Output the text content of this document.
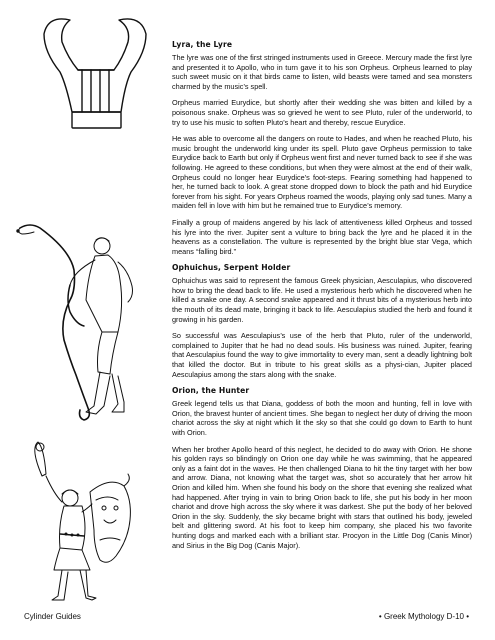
Lyra, the Lyre

The lyre was one of the first stringed instruments used in Greece. Mercury made the first lyre and presented it to Apollo, who in turn gave it to his son Orpheus. Orpheus learned to play such sweet music on it that birds came to listen, wild beasts were tamed and sea monsters charmed by the music’s spell.

Orpheus married Eurydice, but shortly after their wedding she was bitten and killed by a poisonous snake. Orpheus was so grieved he went to see Pluto, ruler of the underworld, to try to use his music to soften Pluto’s heart and thereby, rescue Eurydice.

He was able to overcome all the dangers on route to Hades, and when he reached Pluto, his music brought the underworld king under its spell. Pluto gave Orpheus permission to take Eurydice back to Earth but only if Orpheus went first and never turned back to see if she was following. He agreed to these conditions, but when they were almost at the end of their walk, Orpheus could no longer hear Eurydice’s foot-steps. Fearing something had happened to her, he turned back to look. A great stone dropped down to block the path and hid Eurydice forever from his sight. For years Orpheus roamed the woods, playing only sad tunes. Many a maiden fell in love with him but he remained true to Eurydice’s memory.

Finally a group of maidens angered by his lack of attentiveness killed Orpheus and tossed his lyre into the river. Jupiter sent a vulture to bring back the lyre and he placed it in the heavens as a constellation. The vulture is represented by the bright blue star Vega, which means “falling bird.”

Ophuichus, Serpent Holder

Ophuichus was said to represent the famous Greek physician, Aesculapius, who discovered how to bring the dead back to life. He used a mysterious herb which he discovered when he killed a snake one day. A second snake appeared and it thrust bits of a mysterious herb into the mouth of its dead mate, bringing it back to life. Aesculapius studied the herb and found it growing in his garden.

So successful was Aesculapius’s use of the herb that Pluto, ruler of the underworld, complained to Jupiter that he had no dead souls. His business was ruined. Jupiter, fearing that Aesculapius found the way to give immortality to every man, sent a deadly lightning bolt that killed the doctor. But in tribute to his great skills as a physi-cian, Jupiter placed Aesculapius among the stars along with the snake.

Orion, the Hunter

Greek legend tells us that Diana, goddess of both the moon and hunting, fell in love with Orion, the bravest hunter of ancient times. She began to neglect her duty of driving the moon chariot across the sky at night which lit the sky so that she could go down to Earth to hunt with Orion.

When her brother Apollo heard of this neglect, he decided to do away with Orion. He shone his golden rays so blindingly on Orion one day while he was swimming, that he appeared only as a faint dot in the waves. He then challenged Diana to hit the tiny target with her bow and arrow. Diana, not knowing what the target was, shot so accurately that her arrow hit Orion and killed him. When she found his body on the shore that evening she realized what had happened. After trying in vain to bring Orion back to life, she put his body in her moon chariot and drove high across the sky where it was darkest. She put the body of her beloved Orion in the sky. Suddenly, the sky became bright with stars that outlined his body, jeweled belt and glittering sword. At his foot to keep him company, she placed his two favorite hunting dogs and marked each with a brilliant star. Procyon in the Little Dog (Canis Minor) and Sirius in the Big Dog (Canis Major).

Cylinder Guides	• Greek Mythology D-10 •
